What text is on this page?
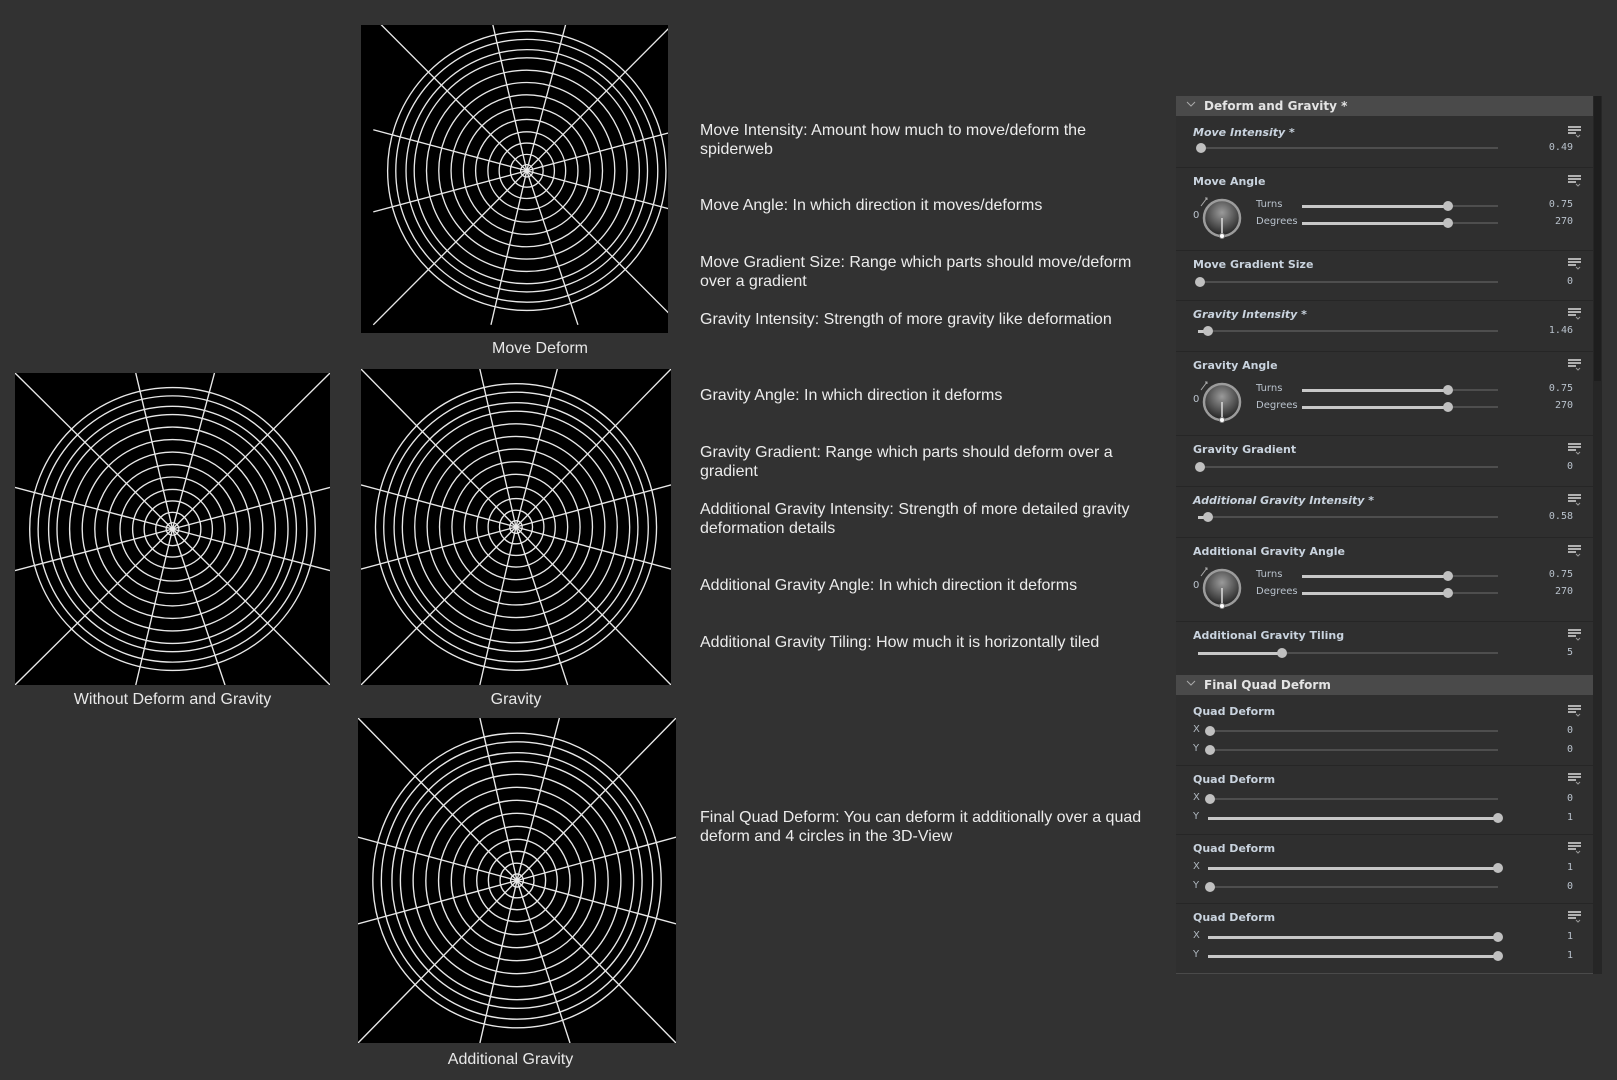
Without Deform and Gravity
Move Deform
Gravity
Additional Gravity
Move Intensity: Amount how much to move/deform the spiderweb
Move Angle: In which direction it moves/deforms
Move Gradient Size: Range which parts should move/deform over a gradient
Gravity Intensity: Strength of more gravity like deformation
Gravity Angle: In which direction it deforms
Gravity Gradient: Range which parts should deform over a gradient
Additional Gravity Intensity: Strength of more detailed gravity deformation details
Additional Gravity Angle: In which direction it deforms
Additional Gravity Tiling: How much it is horizontally tiled
Final Quad Deform: You can deform it additionally over a quad deform and 4 circles in the 3D-View
Deform and Gravity *
Move Intensity *
0.49
Move Angle
0
Turns	0.75
Degrees	270
Move Gradient Size
0
Gravity Intensity *
1.46
Gravity Angle
0
Turns	0.75
Degrees	270
Gravity Gradient
0
Additional Gravity Intensity *
0.58
Additional Gravity Angle
0
Turns	0.75
Degrees	270
Additional Gravity Tiling
5
Final Quad Deform
Quad Deform
X	0
Y	0
Quad Deform
X	0
Y	1
Quad Deform
X	1
Y	0
Quad Deform
X	1
Y	1
